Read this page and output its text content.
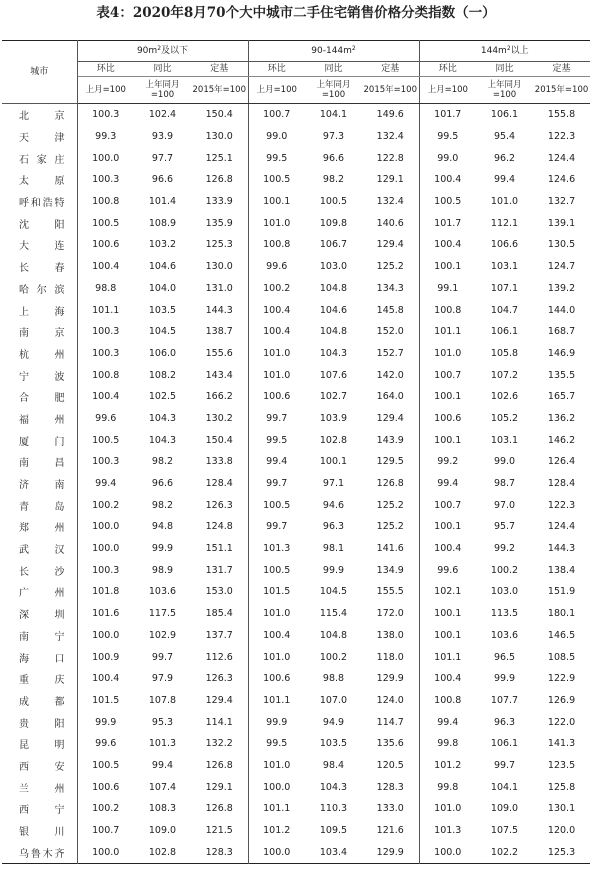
表4：2020年8月70个大中城市二手住宅销售价格分类指数（一）
城市	$90m^2$及以下			$90-144m^2$			$144m^2$以上		
	环比	同比	定基	环比	同比	定基	环比	同比	定基
	上月=100	上年同月=100	2015年=100	上月=100	上年同月=100	2015年=100	上月=100	上年同月=100	2015年=100
北京	100.3	102.4	150.4	100.7	104.1	149.6	101.7	106.1	155.8
天津	99.3	93.9	130.0	99.0	97.3	132.4	99.5	95.4	122.3
石家庄	100.0	97.7	125.1	99.5	96.6	122.8	99.0	96.2	124.4
太原	100.3	96.6	126.8	100.5	98.2	129.1	100.4	99.4	124.6
呼和浩特	100.8	101.4	133.9	100.1	100.5	132.4	100.5	101.0	132.7
沈阳	100.5	108.9	135.9	101.0	109.8	140.6	101.7	112.1	139.1
大连	100.6	103.2	125.3	100.8	106.7	129.4	100.4	106.6	130.5
长春	100.4	104.6	130.0	99.6	103.0	125.2	100.1	103.1	124.7
哈尔滨	98.8	104.0	131.0	100.2	104.8	134.3	99.1	107.1	139.2
上海	101.1	103.5	144.3	100.4	104.6	145.8	100.8	104.7	144.0
南京	100.3	104.5	138.7	100.4	104.8	152.0	101.1	106.1	168.7
杭州	100.3	106.0	155.6	101.0	104.3	152.7	101.0	105.8	146.9
宁波	100.8	108.2	143.4	101.0	107.6	142.0	100.7	107.2	135.5
合肥	100.4	102.5	166.2	100.6	102.7	164.0	100.1	102.6	165.7
福州	99.6	104.3	130.2	99.7	103.9	129.4	100.6	105.2	136.2
厦门	100.5	104.3	150.4	99.5	102.8	143.9	100.1	103.1	146.2
南昌	100.3	98.2	133.8	99.4	100.1	129.5	99.2	99.0	126.4
济南	99.4	96.6	128.4	99.7	97.1	126.8	99.4	98.7	128.4
青岛	100.2	98.2	126.3	100.5	94.6	125.2	100.7	97.0	122.3
郑州	100.0	94.8	124.8	99.7	96.3	125.2	100.1	95.7	124.4
武汉	100.0	99.9	151.1	101.3	98.1	141.6	100.4	99.2	144.3
长沙	100.3	98.9	131.7	100.5	99.9	134.9	99.6	100.2	138.4
广州	101.8	103.6	153.0	101.5	104.5	155.5	102.1	103.0	151.9
深圳	101.6	117.5	185.4	101.0	115.4	172.0	100.1	113.5	180.1
南宁	100.0	102.9	137.7	100.4	104.8	138.0	100.1	103.6	146.5
海口	100.9	99.7	112.6	101.0	100.2	118.0	101.1	96.5	108.5
重庆	100.4	97.9	126.3	100.6	98.8	129.9	100.4	99.9	122.9
成都	101.5	107.8	129.4	101.1	107.0	124.0	100.8	107.7	126.9
贵阳	99.9	95.3	114.1	99.9	94.9	114.7	99.4	96.3	122.0
昆明	99.6	101.3	132.2	99.5	103.5	135.6	99.8	106.1	141.3
西安	100.5	99.4	126.8	101.0	98.4	120.5	101.2	99.7	123.5
兰州	100.6	107.4	129.1	100.0	104.3	128.3	99.8	104.1	125.8
西宁	100.2	108.3	126.8	101.1	110.3	133.0	101.0	109.0	130.1
银川	100.7	109.0	121.5	101.2	109.5	121.6	101.3	107.5	120.0
乌鲁木齐	100.0	102.8	128.3	100.0	103.4	129.9	100.0	102.2	125.3
